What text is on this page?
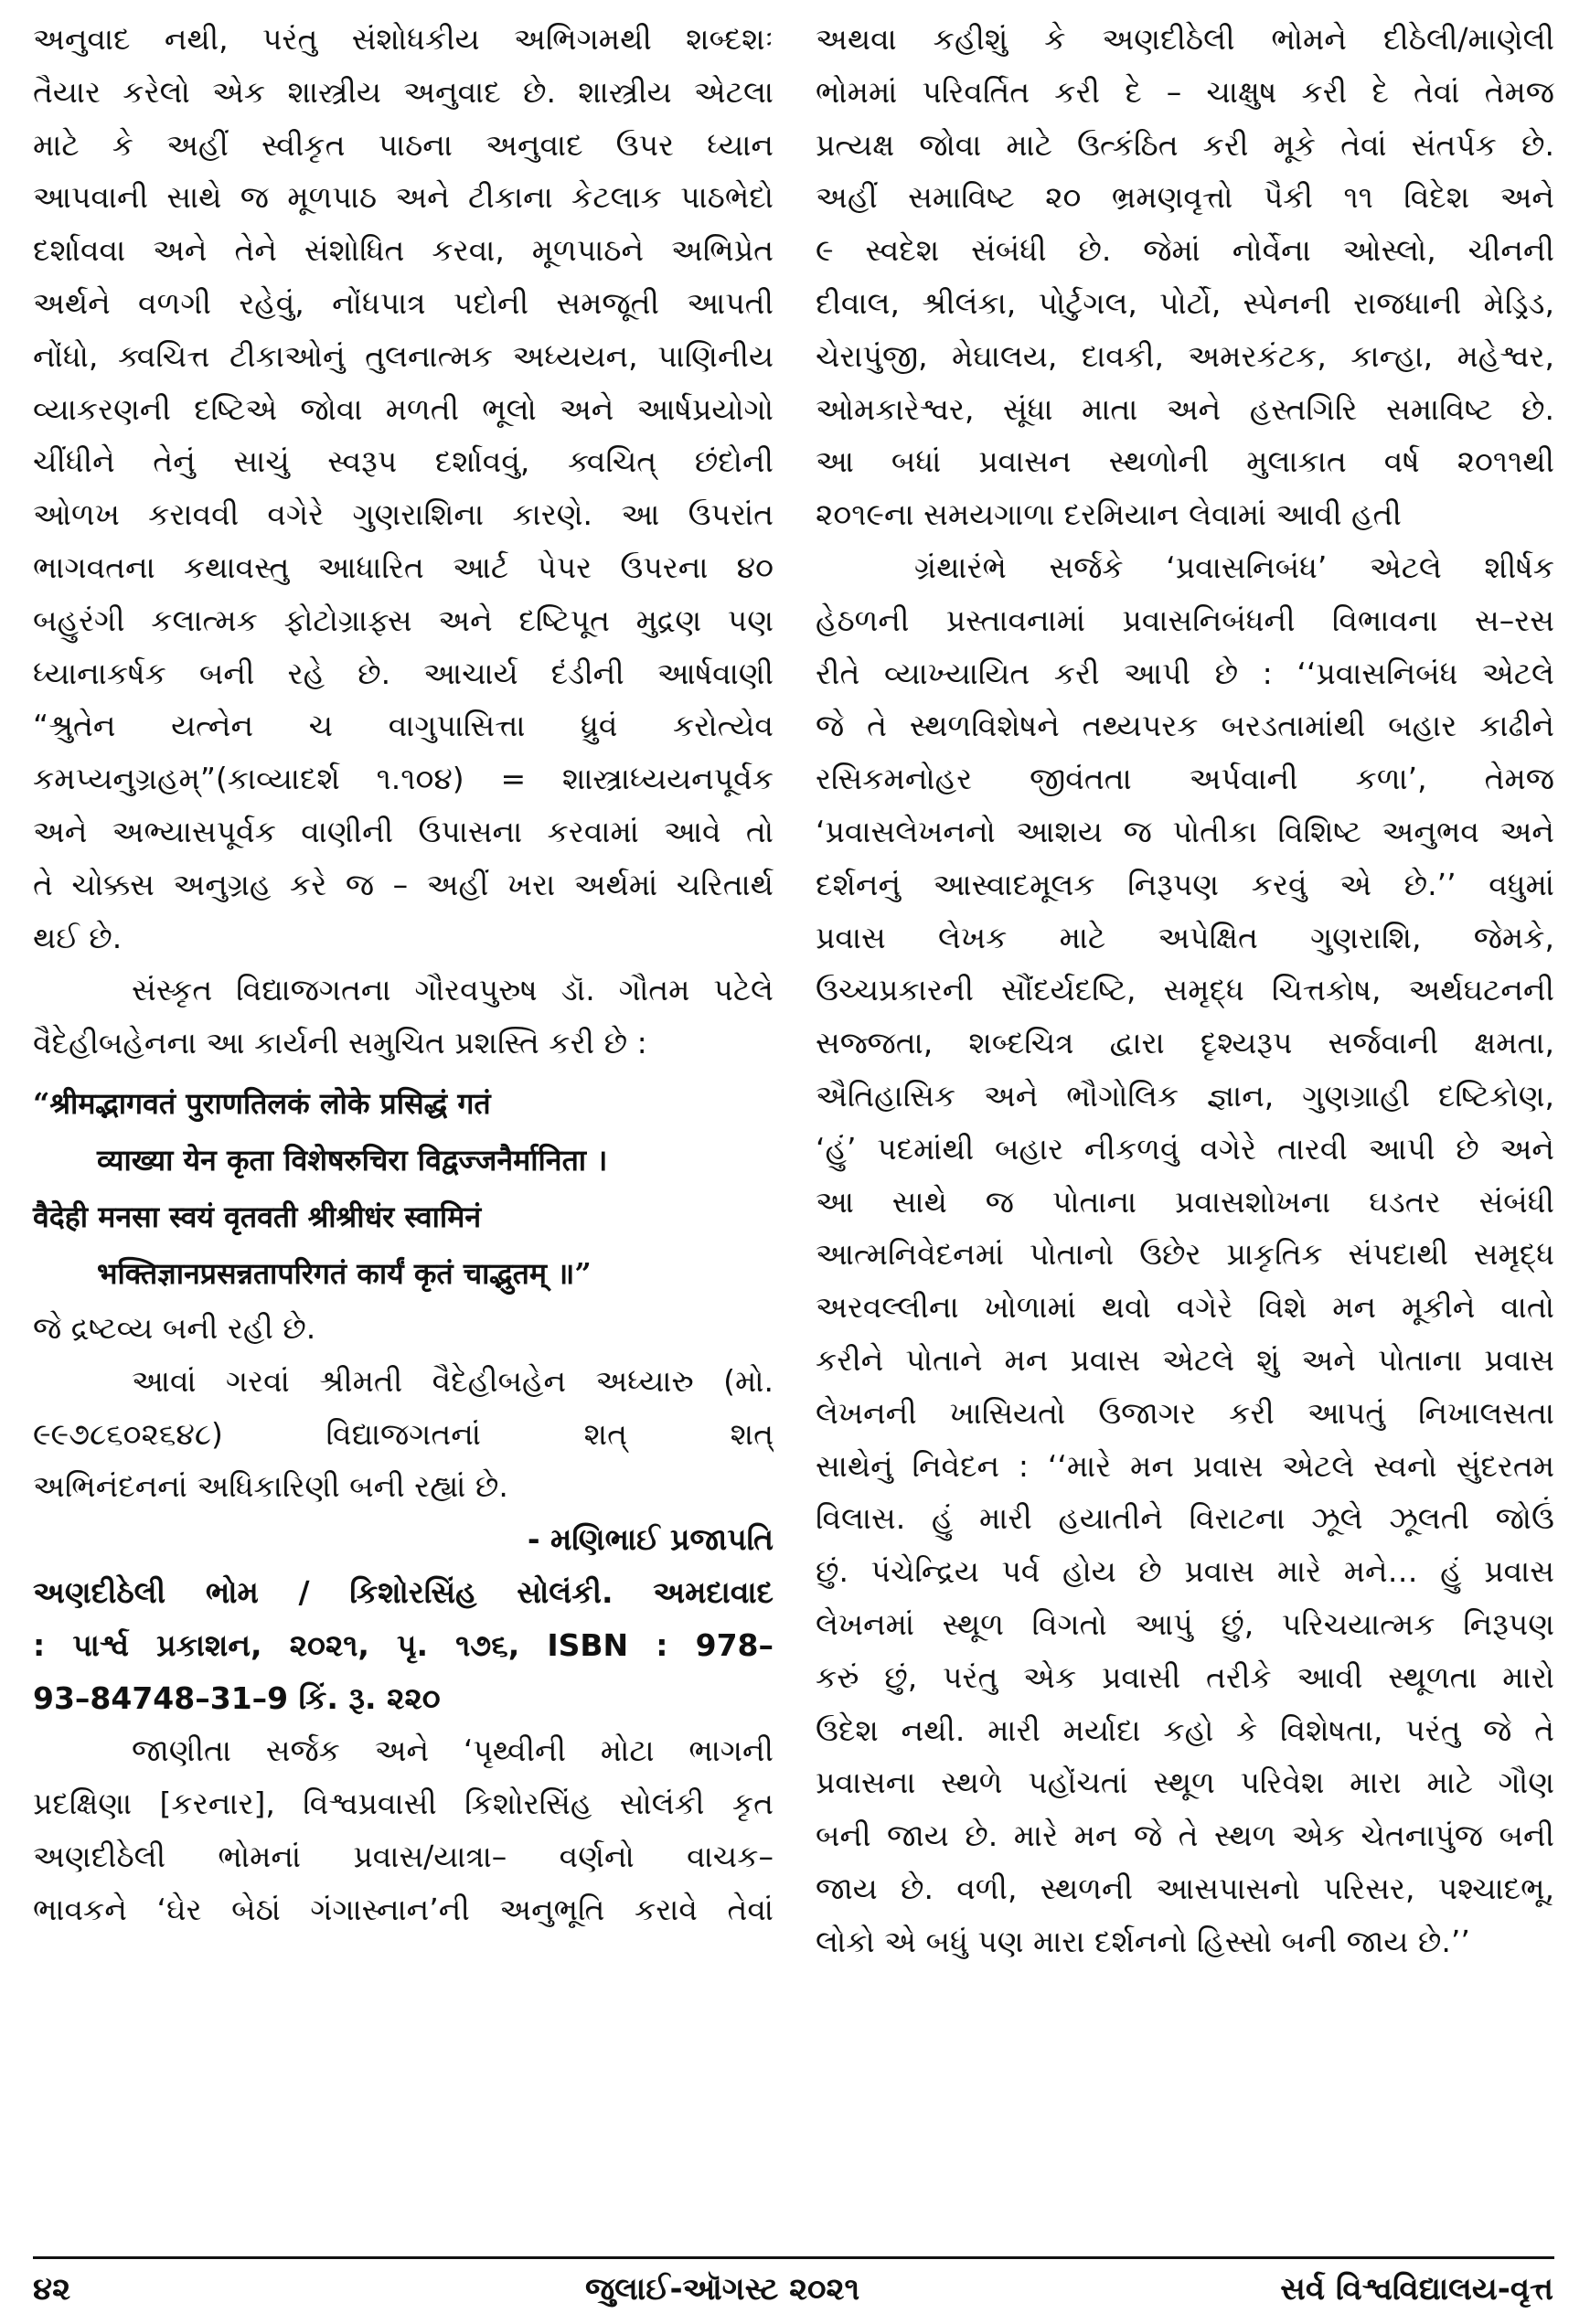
અનુવાદ નથી, પરંતુ સંશોધકીય અભિગમથી શબ્દશઃ
તૈયાર કરેલો એક શાસ્ત્રીય અનુવાદ છે. શાસ્ત્રીય એટલા
માટે કે અહીં સ્વીકૃત પાઠના અનુવાદ ઉપર ધ્યાન
આપવાની સાથે જ મૂળપાઠ અને ટીકાના કેટલાક પાઠભેદો
દર્શાવવા અને તેને સંશોધિત કરવા, મૂળપાઠને અભિપ્રેત
અર્થને વળગી રહેવું, નોંધપાત્ર પદોની સમજૂતી આપતી
નોંધો, ક્વચિત્ત ટીકાઓનું તુલનાત્મક અધ્યયન, પાણિનીય
વ્યાકરણની દષ્ટિએ જોવા મળતી ભૂલો અને આર્ષપ્રયોગો
ચીંધીને તેનું સાચું સ્વરૂપ દર્શાવવું, ક્વચિત્ છંદોની
ઓળખ કરાવવી વગેરે ગુણરાશિના કારણે. આ ઉપરાંત
ભાગવતના કથાવસ્તુ આધારિત આર્ટ પેપર ઉપરના ૪૦
બહુરંગી કલાત્મક ફોટોગ્રાફ્સ અને દષ્ટિપૂત મુદ્રણ પણ
ધ્યાનાકર્ષક બની રહે છે. આચાર્ય દંડીની આર્ષવાણી
“શ્રુતેન યત્નેન ચ વાગુપાસિત્તા ધ્રુવં કરોત્યેવ
કમપ્યનુગ્રહમ્”(કાવ્યાદર્શ ૧.૧૦૪) = શાસ્ત્રાધ્યયનપૂર્વક
અને અભ્યાસપૂર્વક વાણીની ઉપાસના કરવામાં આવે તો
તે ચોક્કસ અનુગ્રહ કરે જ – અહીં ખરા અર્થમાં ચરિતાર્થ
થઈ છે.
સંસ્કૃત વિદ્યાજગતના ગૌરવપુરુષ ડૉ. ગૌતમ પટેલે
વૈદેહીબહેનના આ કાર્યની સમુચિત પ્રશસ્તિ કરી છે :
“श्रीमद्भागवतं पुराणतिलकं लोके प्रसिद्धं गतं
व्याख्या येन कृता विशेषरुचिरा विद्वज्जनैर्मानिता ।
वैदेही मनसा स्वयं वृतवती श्रीश्रीधंर स्वामिनं
भक्तिज्ञानप्रसन्नतापरिगतं कार्यं कृतं चाद्भुतम् ॥”
જે દ્રષ્ટવ્ય બની રહી છે.
આવાં ગરવાં શ્રીમતી વૈદેહીબહેન અધ્યારુ (મો.
૯૯૭૮૬૦૨૬૪૮) વિદ્યાજગતનાં શત્ શત્
અભિનંદનનાં અધિકારિણી બની રહ્યાં છે.
- મણિભાઈ પ્રજાપતિ
અણદીઠેલી ભોમ / કિશોરસિંહ સોલંકી. અમદાવાદ
: પાર્શ્વ પ્રકાશન, ૨૦૨૧, પૃ. ૧૭૬, ISBN : 978–
93–84748–31–9 કિં. રૂ. ૨૨૦
જાણીતા સર્જક અને ‘પૃથ્વીની મોટા ભાગની
પ્રદક્ષિણા [કરનાર], વિશ્વપ્રવાસી કિશોરસિંહ સોલંકી કૃત
અણદીઠેલી ભોમનાં પ્રવાસ/યાત્રા– વર્ણનો વાચક–
ભાવકને ‘ઘેર બેઠાં ગંગાસ્નાન’ની અનુભૂતિ કરાવે તેવાં
અથવા કહીશું કે અણદીઠેલી ભોમને દીઠેલી/માણેલી
ભોમમાં પરિવર્તિત કરી દે – ચાક્ષુષ કરી દે તેવાં તેમજ
પ્રત્યક્ષ જોવા માટે ઉત્કંઠિત કરી મૂકે તેવાં સંતર્પક છે.
અહીં સમાવિષ્ટ ૨૦ ભ્રમણવૃત્તો પૈકી ૧૧ વિદેશ અને
૯ સ્વદેશ સંબંધી છે. જેમાં નોર્વેના ઓસ્લો, ચીનની
દીવાલ, શ્રીલંકા, પોર્ટુગલ, પોર્ટો, સ્પેનની રાજધાની મેડ્રિડ,
ચેરાપુંજી, મેઘાલય, દાવકી, અમરકંટક, કાન્હા, મહેશ્વર,
ઓમકારેશ્વર, સૂંધા માતા અને હસ્તગિરિ સમાવિષ્ટ છે.
આ બધાં પ્રવાસન સ્થળોની મુલાકાત વર્ષ ૨૦૧૧થી
૨૦૧૯ના સમયગાળા દરમિયાન લેવામાં આવી હતી
ગ્રંથારંભે સર્જકે ‘પ્રવાસનિબંધ’ એટલે શીર્ષક
હેઠળની પ્રસ્તાવનામાં પ્રવાસનિબંધની વિભાવના સ–રસ
રીતે વ્યાખ્યાયિત કરી આપી છે : ‘‘પ્રવાસનિબંધ એટલે
જે તે સ્થળવિશેષને તથ્યપરક બરડતામાંથી બહાર કાઢીને
રસિકમનોહર જીવંતતા અર્પવાની કળા’, તેમજ
‘પ્રવાસલેખનનો આશય જ પોતીકા વિશિષ્ટ અનુભવ અને
દર્શનનું આસ્વાદમૂલક નિરૂપણ કરવું એ છે.’’ વધુમાં
પ્રવાસ લેખક માટે અપેક્ષિત ગુણરાશિ, જેમકે,
ઉચ્ચપ્રકારની સૌંદર્યદષ્ટિ, સમૃદ્ધ ચિત્તકોષ, અર્થઘટનની
સજ્જતા, શબ્દચિત્ર દ્વારા દૃશ્યરૂપ સર્જવાની ક્ષમતા,
ઐતિહાસિક અને ભૌગોલિક જ્ઞાન, ગુણગ્રાહી દષ્ટિકોણ,
‘હું’ પદમાંથી બહાર નીકળવું વગેરે તારવી આપી છે અને
આ સાથે જ પોતાના પ્રવાસશોખના ઘડતર સંબંધી
આત્મનિવેદનમાં પોતાનો ઉછેર પ્રાકૃતિક સંપદાથી સમૃદ્ધ
અરવલ્લીના ખોળામાં થવો વગેરે વિશે મન મૂકીને વાતો
કરીને પોતાને મન પ્રવાસ એટલે શું અને પોતાના પ્રવાસ
લેખનની ખાસિયતો ઉજાગર કરી આપતું નિખાલસતા
સાથેનું નિવેદન : ‘‘મારે મન પ્રવાસ એટલે સ્વનો સુંદરતમ
વિલાસ. હું મારી હયાતીને વિરાટના ઝૂલે ઝૂલતી જોઉં
છું. પંચેન્દ્રિય પર્વ હોય છે પ્રવાસ મારે મને… હું પ્રવાસ
લેખનમાં સ્થૂળ વિગતો આપું છું, પરિચયાત્મક નિરૂપણ
કરું છું, પરંતુ એક પ્રવાસી તરીકે આવી સ્થૂળતા મારો
ઉદેશ નથી. મારી મર્યાદા કહો કે વિશેષતા, પરંતુ જે તે
પ્રવાસના સ્થળે પહોંચતાં સ્થૂળ પરિવેશ મારા માટે ગૌણ
બની જાય છે. મારે મન જે તે સ્થળ એક ચેતનાપુંજ બની
જાય છે. વળી, સ્થળની આસપાસનો પરિસર, પશ્ચાદભૂ,
લોકો એ બધું પણ મારા દર્શનનો હિસ્સો બની જાય છે.’’
૪૨	જુલાઈ-ઑગસ્ટ ૨૦૨૧	સર્વ વિશ્વવિદ્યાલય-વૃત્ત
